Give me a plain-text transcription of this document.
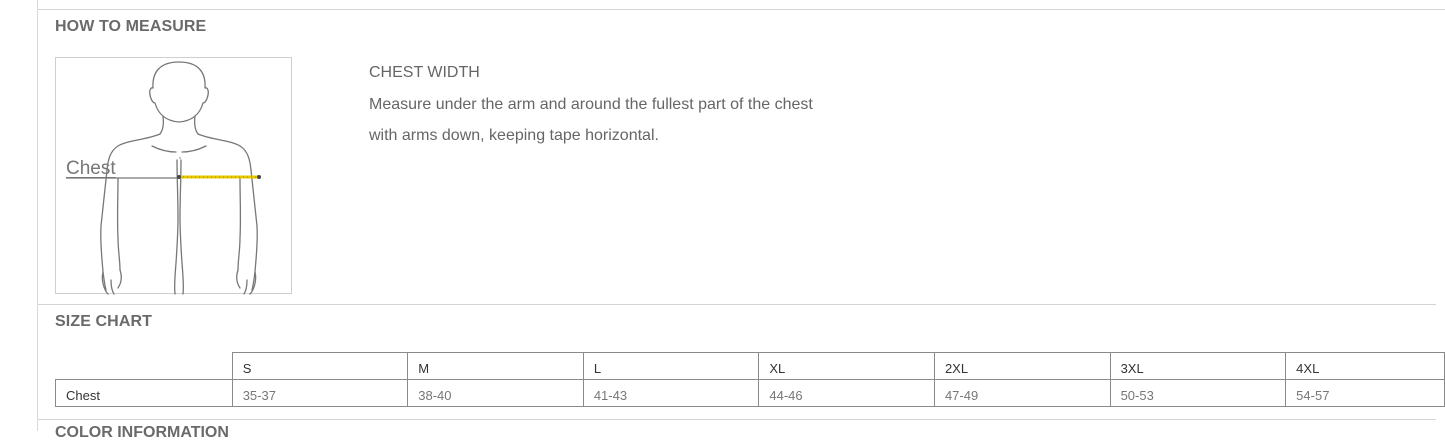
HOW TO MEASURE
Chest
CHEST WIDTH
Measure under the arm and around the fullest part of the chest
with arms down, keeping tape horizontal.
SIZE CHART
	S	M	L	XL	2XL	3XL	4XL
Chest	35-37	38-40	41-43	44-46	47-49	50-53	54-57
COLOR INFORMATION
